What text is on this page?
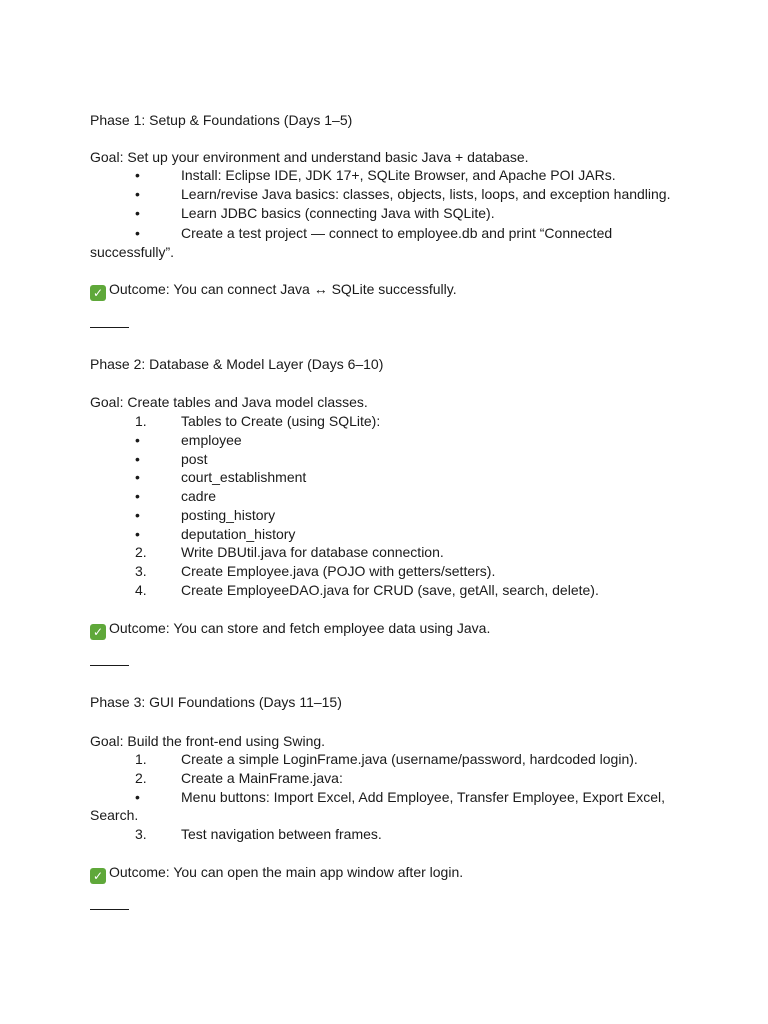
Phase 1: Setup & Foundations (Days 1–5)
Goal: Set up your environment and understand basic Java + database.
•	Install: Eclipse IDE, JDK 17+, SQLite Browser, and Apache POI JARs.
•	Learn/revise Java basics: classes, objects, lists, loops, and exception handling.
•	Learn JDBC basics (connecting Java with SQLite).
•	Create a test project — connect to employee.db and print “Connected
successfully”.
✓ Outcome: You can connect Java ↔ SQLite successfully.
Phase 2: Database & Model Layer (Days 6–10)
Goal: Create tables and Java model classes.
1. Tables to Create (using SQLite):
•	employee
•	post
•	court_establishment
•	cadre
•	posting_history
•	deputation_history
2. Write DBUtil.java for database connection.
3. Create Employee.java (POJO with getters/setters).
4. Create EmployeeDAO.java for CRUD (save, getAll, search, delete).
✓ Outcome: You can store and fetch employee data using Java.
Phase 3: GUI Foundations (Days 11–15)
Goal: Build the front-end using Swing.
1. Create a simple LoginFrame.java (username/password, hardcoded login).
2. Create a MainFrame.java:
•	Menu buttons: Import Excel, Add Employee, Transfer Employee, Export Excel,
Search.
3. Test navigation between frames.
✓ Outcome: You can open the main app window after login.
